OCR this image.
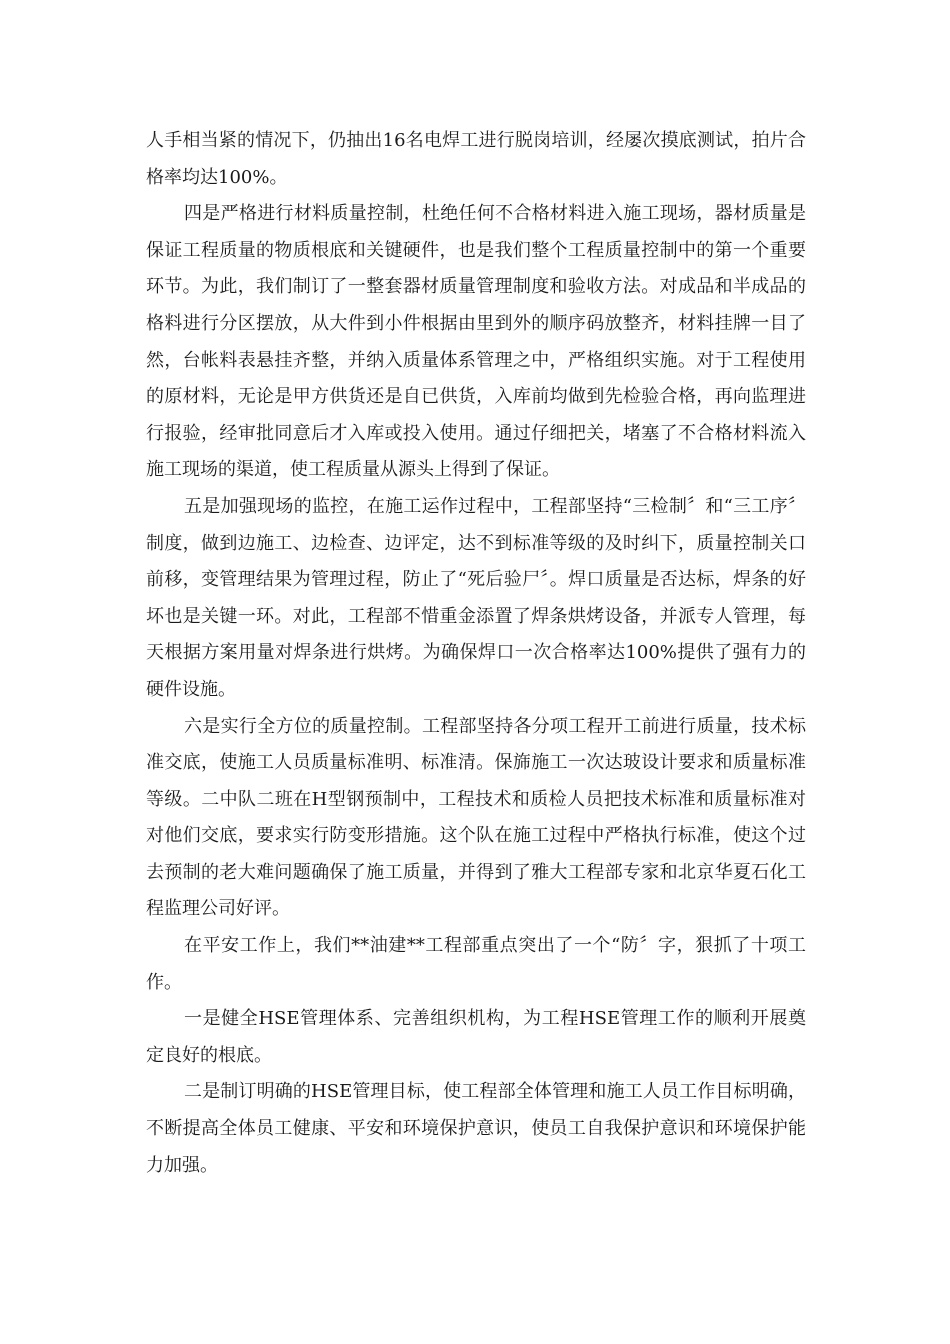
人手相当紧的情况下，仍抽出16名电焊工进行脱岗培训，经屡次摸底测试，拍片合格率均达100%。

四是严格进行材料质量控制，杜绝任何不合格材料进入施工现场，器材质量是保证工程质量的物质根底和关键硬件，也是我们整个工程质量控制中的第一个重要环节。为此，我们制订了一整套器材质量管理制度和验收方法。对成品和半成品的格料进行分区摆放，从大件到小件根据由里到外的顺序码放整齐，材料挂牌一目了然，台帐料表悬挂齐整，并纳入质量体系管理之中，严格组织实施。对于工程使用的原材料，无论是甲方供货还是自已供货，入库前均做到先检验合格，再向监理进行报验，经审批同意后才入库或投入使用。通过仔细把关，堵塞了不合格材料流入施工现场的渠道，使工程质量从源头上得到了保证。

五是加强现场的监控，在施工运作过程中，工程部坚持“三检制〞和“三工序〞制度，做到边施工、边检查、边评定，达不到标准等级的及时纠下，质量控制关口前移，变管理结果为管理过程，防止了“死后验尸〞。焊口质量是否达标，焊条的好坏也是关键一环。对此，工程部不惜重金添置了焊条烘烤设备，并派专人管理，每天根据方案用量对焊条进行烘烤。为确保焊口一次合格率达100%提供了强有力的硬件设施。

六是实行全方位的质量控制。工程部坚持各分项工程开工前进行质量，技术标准交底，使施工人员质量标准明、标准清。保旆施工一次达玻设计要求和质量标准等级。二中队二班在H型钢预制中，工程技术和质检人员把技术标准和质量标准对对他们交底，要求实行防变形措施。这个队在施工过程中严格执行标准，使这个过去预制的老大难问题确保了施工质量，并得到了雅大工程部专家和北京华夏石化工程监理公司好评。

在平安工作上，我们**油建**工程部重点突出了一个“防〞字，狠抓了十项工作。

一是健全HSE管理体系、完善组织机构，为工程HSE管理工作的顺利开展奠定良好的根底。

二是制订明确的HSE管理目标，使工程部全体管理和施工人员工作目标明确，不断提高全体员工健康、平安和环境保护意识，使员工自我保护意识和环境保护能力加强。
